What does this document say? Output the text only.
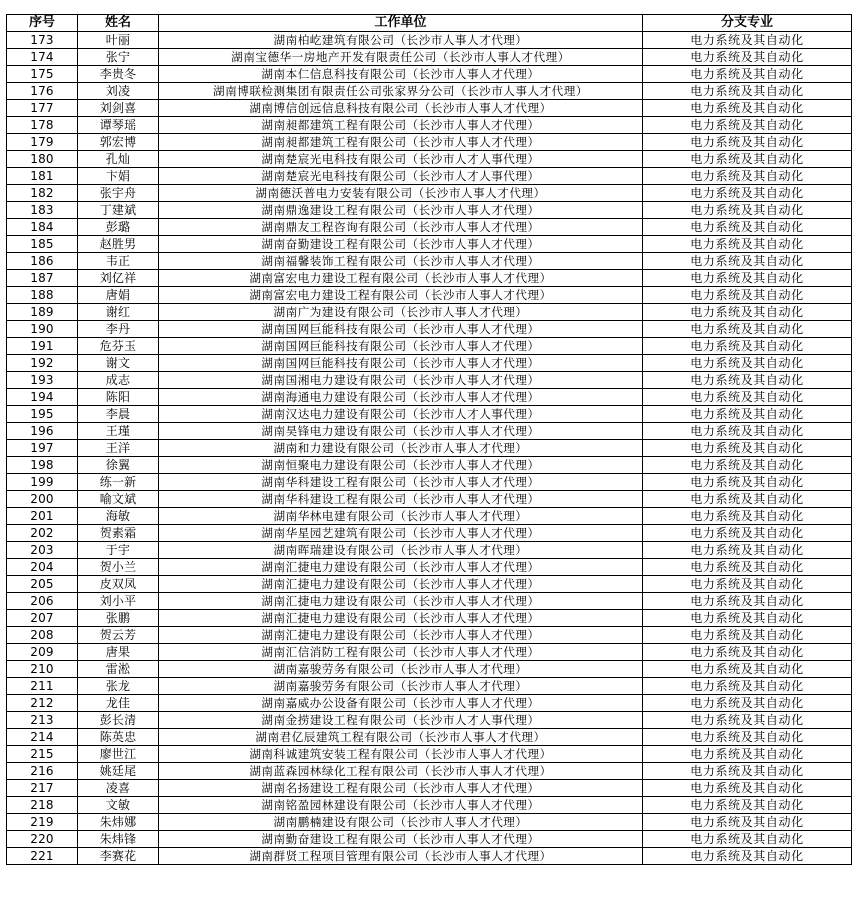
序号	姓名	工作单位	分支专业
173	叶丽	湖南柏屹建筑有限公司（长沙市人事人才代理）	电力系统及其自动化
174	张宁	湖南宝德华一房地产开发有限责任公司（长沙市人事人才代理）	电力系统及其自动化
175	李贵冬	湖南本仁信息科技有限公司（长沙市人事人才代理）	电力系统及其自动化
176	刘凌	湖南博联检测集团有限责任公司张家界分公司（长沙市人事人才代理）	电力系统及其自动化
177	刘剑喜	湖南博信创远信息科技有限公司（长沙市人事人才代理）	电力系统及其自动化
178	谭琴瑶	湖南昶都建筑工程有限公司（长沙市人事人才代理）	电力系统及其自动化
179	郭宏博	湖南昶都建筑工程有限公司（长沙市人事人才代理）	电力系统及其自动化
180	孔灿	湖南楚宸光电科技有限公司（长沙市人才人事代理）	电力系统及其自动化
181	卞娟	湖南楚宸光电科技有限公司（长沙市人才人事代理）	电力系统及其自动化
182	张宇舟	湖南德沃普电力安装有限公司（长沙市人事人才代理）	电力系统及其自动化
183	丁建斌	湖南鼎逸建设工程有限公司（长沙市人事人才代理）	电力系统及其自动化
184	彭璐	湖南鼎友工程咨询有限公司（长沙市人事人才代理）	电力系统及其自动化
185	赵胜男	湖南奋勤建设工程有限公司（长沙市人事人才代理）	电力系统及其自动化
186	韦正	湖南福馨装饰工程有限公司（长沙市人事人才代理）	电力系统及其自动化
187	刘亿祥	湖南富宏电力建设工程有限公司（长沙市人事人才代理）	电力系统及其自动化
188	唐娟	湖南富宏电力建设工程有限公司（长沙市人事人才代理）	电力系统及其自动化
189	谢红	湖南广为建设有限公司（长沙市人事人才代理）	电力系统及其自动化
190	李丹	湖南国网巨能科技有限公司（长沙市人事人才代理）	电力系统及其自动化
191	危芬玉	湖南国网巨能科技有限公司（长沙市人事人才代理）	电力系统及其自动化
192	谢文	湖南国网巨能科技有限公司（长沙市人事人才代理）	电力系统及其自动化
193	成志	湖南国湘电力建设有限公司（长沙市人事人才代理）	电力系统及其自动化
194	陈阳	湖南海通电力建设有限公司（长沙市人事人才代理）	电力系统及其自动化
195	李晨	湖南汉达电力建设有限公司（长沙市人才人事代理）	电力系统及其自动化
196	王瑾	湖南昊锋电力建设有限公司（长沙市人事人才代理）	电力系统及其自动化
197	王洋	湖南和力建设有限公司（长沙市人事人才代理）	电力系统及其自动化
198	徐翼	湖南恒聚电力建设有限公司（长沙市人事人才代理）	电力系统及其自动化
199	练一新	湖南华科建设工程有限公司（长沙市人事人才代理）	电力系统及其自动化
200	喻文斌	湖南华科建设工程有限公司（长沙市人事人才代理）	电力系统及其自动化
201	海敏	湖南华林电建有限公司（长沙市人事人才代理）	电力系统及其自动化
202	贺素霜	湖南华星园艺建筑有限公司（长沙市人事人才代理）	电力系统及其自动化
203	于宇	湖南晖瑞建设有限公司（长沙市人事人才代理）	电力系统及其自动化
204	贺小兰	湖南汇捷电力建设有限公司（长沙市人事人才代理）	电力系统及其自动化
205	皮双凤	湖南汇捷电力建设有限公司（长沙市人事人才代理）	电力系统及其自动化
206	刘小平	湖南汇捷电力建设有限公司（长沙市人事人才代理）	电力系统及其自动化
207	张鹏	湖南汇捷电力建设有限公司（长沙市人事人才代理）	电力系统及其自动化
208	贺云芳	湖南汇捷电力建设有限公司（长沙市人事人才代理）	电力系统及其自动化
209	唐果	湖南汇信消防工程有限公司（长沙市人事人才代理）	电力系统及其自动化
210	雷淞	湖南嘉骏劳务有限公司（长沙市人事人才代理）	电力系统及其自动化
211	张龙	湖南嘉骏劳务有限公司（长沙市人事人才代理）	电力系统及其自动化
212	龙佳	湖南嘉威办公设备有限公司（长沙市人事人才代理）	电力系统及其自动化
213	彭长清	湖南金捞建设工程有限公司（长沙市人才人事代理）	电力系统及其自动化
214	陈英忠	湖南君亿辰建筑工程有限公司（长沙市人事人才代理）	电力系统及其自动化
215	廖世江	湖南科诚建筑安装工程有限公司（长沙市人事人才代理）	电力系统及其自动化
216	姚廷尾	湖南蓝森园林绿化工程有限公司（长沙市人事人才代理）	电力系统及其自动化
217	凌喜	湖南名扬建设工程有限公司（长沙市人事人才代理）	电力系统及其自动化
218	文敏	湖南铭盈园林建设有限公司（长沙市人事人才代理）	电力系统及其自动化
219	朱炜娜	湖南鹏楠建设有限公司（长沙市人事人才代理）	电力系统及其自动化
220	朱炜锋	湖南勤奋建设工程有限公司（长沙市人事人才代理）	电力系统及其自动化
221	李赛花	湖南群贤工程项目管理有限公司（长沙市人事人才代理）	电力系统及其自动化
